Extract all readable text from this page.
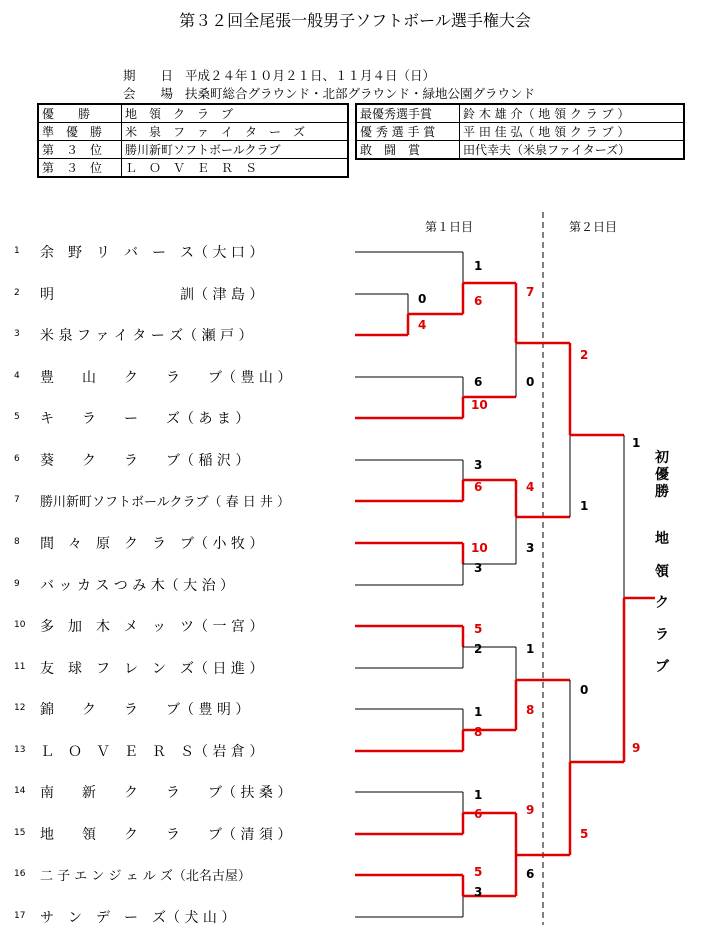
第３２回全尾張一般男子ソフトボール選手権大会
期　　日 平成２４年１０月２１日、１１月４日（日）
会　　場 扶桑町総合グラウンド・北部グラウンド・緑地公園グラウンド
優　　勝	地　領　ク　ラ　ブ
準　優　勝	米　泉　フ　ァ　イ　タ　ー　ズ
第　３　位	勝川新町ソフトボールクラブ
第　３　位	Ｌ　Ｏ　Ｖ　Ｅ　Ｒ　Ｓ
最優秀選手賞	鈴 木 雄 介（ 地 領 ク ラ ブ ）
優 秀 選 手 賞	平 田 佳 弘（ 地 領 ク ラ ブ ）
敢　闘　賞	田代幸夫（米泉ファイターズ）
第１日目	第２日目
1	余　野　リ　バ　ー　ス（ 大 口 ）
2	明　　　　　　　　　訓（ 津 島 ）
3	米 泉 フ ァ イ タ ー ズ（ 瀬 戸 ）
4	豊　　山　　ク　　ラ　　ブ（ 豊 山 ）
5	キ　　ラ　　ー　　ズ（ あ ま ）
6	葵　　ク　　ラ　　ブ（ 稲 沢 ）
7	勝川新町ソフトボールクラブ（ 春 日 井 ）
8	間　々　原　ク　ラ　ブ（ 小 牧 ）
9	バ ッ カ ス つ み 木（ 大 治 ）
10 多　加　木　メ　ッ　ツ（ 一 宮 ）
11 友　球　フ　レ　ン　ズ（ 日 進 ）
12 錦　　ク　　ラ　　ブ（ 豊 明 ）
13 Ｌ　Ｏ　Ｖ　Ｅ　Ｒ　Ｓ（ 岩 倉 ）
14 南　　新　　ク　　ラ　　ブ（ 扶 桑 ）
15 地　　領　　ク　　ラ　　ブ（ 清 須 ）
16 二 子 エ ン ジ ェ ル ズ（北名古屋）
17 サ　ン　デ　ー　ズ（ 犬 山 ）
1
0
4
6
7
6
10
0
2
3
6
10
3
4
3
1
5
2	1
8
0
1
8
1
6	9
5
3
6
5
9
1
初優勝
地
領
ク
ラ
ブ
